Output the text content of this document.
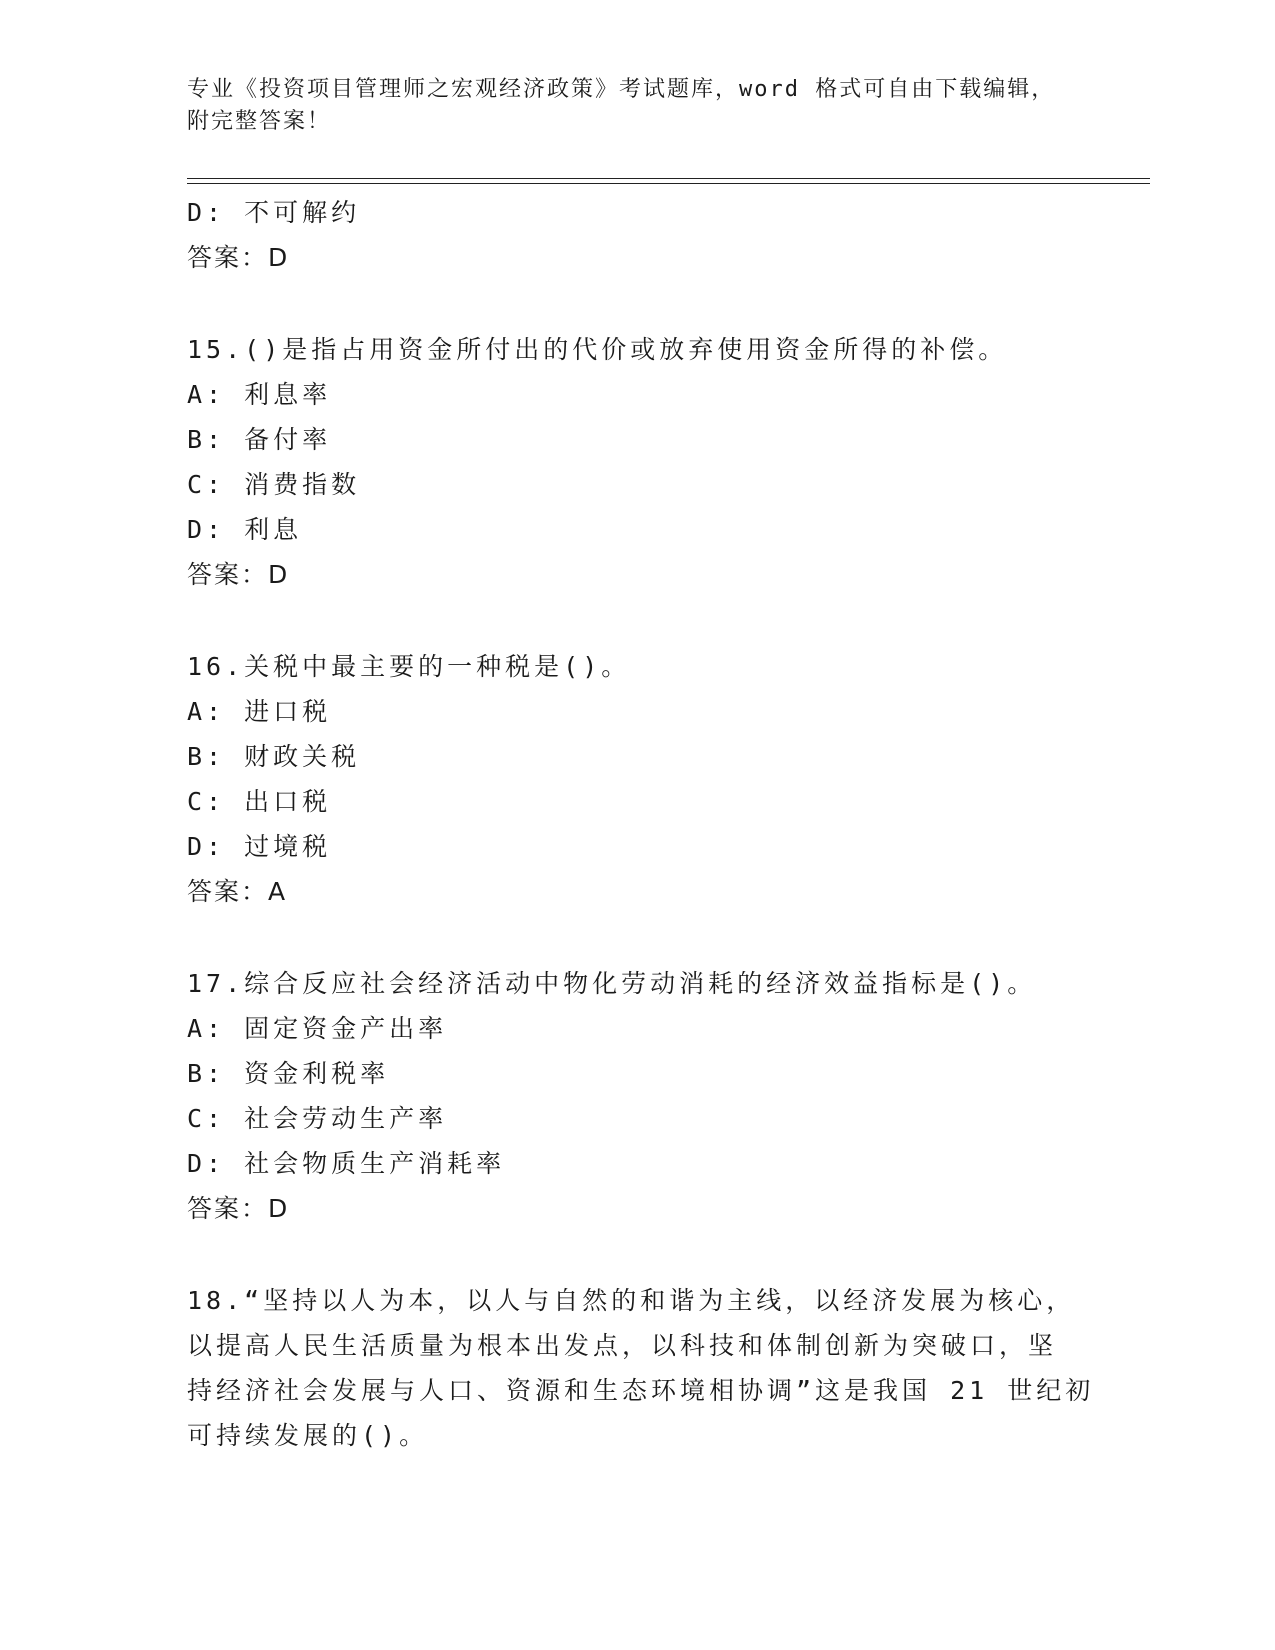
专业《投资项目管理师之宏观经济政策》考试题库，word 格式可自由下载编辑，
附完整答案！
D: 不可解约
答案：D
15.()是指占用资金所付出的代价或放弃使用资金所得的补偿。
A: 利息率
B: 备付率
C: 消费指数
D: 利息
答案：D
16.关税中最主要的一种税是()。
A: 进口税
B: 财政关税
C: 出口税
D: 过境税
答案：A
17.综合反应社会经济活动中物化劳动消耗的经济效益指标是()。
A: 固定资金产出率
B: 资金利税率
C: 社会劳动生产率
D: 社会物质生产消耗率
答案：D
18.“坚持以人为本，以人与自然的和谐为主线，以经济发展为核心，
以提高人民生活质量为根本出发点，以科技和体制创新为突破口，坚
持经济社会发展与人口、资源和生态环境相协调”这是我国 21 世纪初
可持续发展的()。
